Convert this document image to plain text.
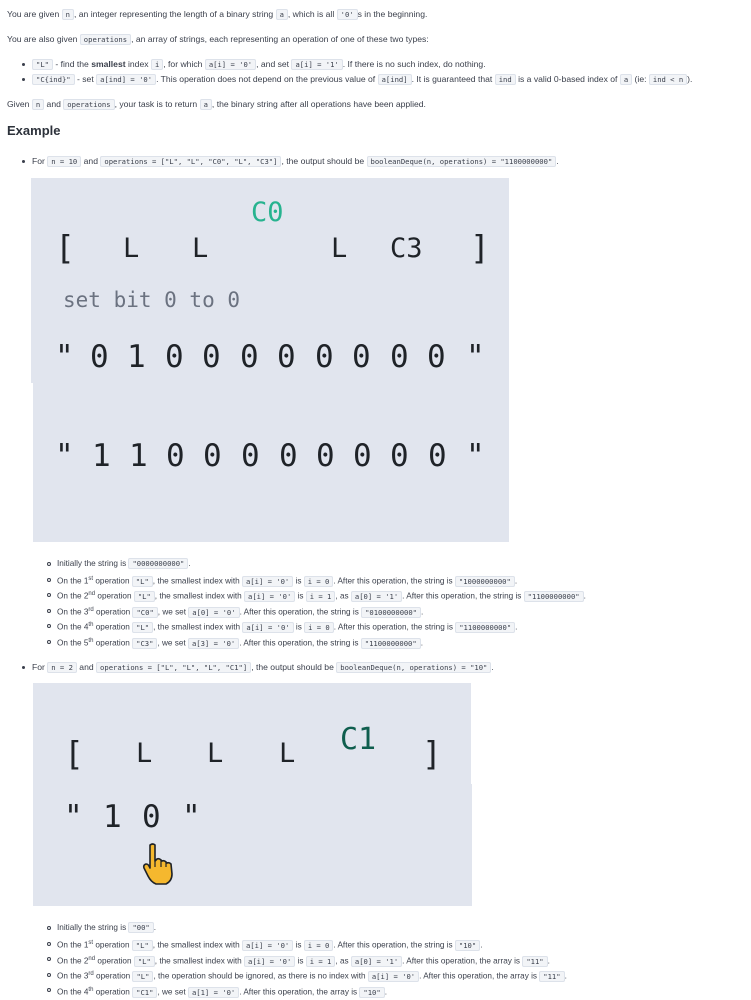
You are given n , an integer representing the length of a binary string a , which is all '0' s in the beginning.
You are also given operations , an array of strings, each representing an operation of one of these two types:
"L" - find the smallest index i , for which a[i] = '0' , and set a[i] = '1' . If there is no such index, do nothing.
"C{ind}" - set a[ind] = '0' . This operation does not depend on the previous value of a[ind] . It is guaranteed that ind is a valid 0-based index of a (ie: ind < n ).
Given n and operations , your task is to return a , the binary string after all operations have been applied.
Example
For n = 10 and operations = ["L", "L", "C0", "L", "C3"] , the output should be booleanDeque(n, operations) = "1100000000" .
[ L L
C0
L C3 ]
set bit 0 to 0
" 0 1 0 0 0 0 0 0 0 0 "
" 1 1 0 0 0 0 0 0 0 0 "
Initially the string is "0000000000" .
On the 1st operation "L" , the smallest index with a[i] = '0' is i = 0 . After this operation, the string is "1000000000" .
On the 2nd operation "L" , the smallest index with a[i] = '0' is i = 1 , as a[0] = '1' . After this operation, the string is "1100000000" .
On the 3rd operation "C0" , we set a[0] = '0' . After this operation, the string is "0100000000" .
On the 4th operation "L" , the smallest index with a[i] = '0' is i = 0 . After this operation, the string is "1100000000" .
On the 5th operation "C3" , we set a[3] = '0' . After this operation, the string is "1100000000" .
For n = 2 and operations = ["L", "L", "L", "C1"] , the output should be booleanDeque(n, operations) = "10" .
[ L L L C1 ]
" 1 0 "
Initially the string is "00" .
On the 1st operation "L" , the smallest index with a[i] = '0' is i = 0 . After this operation, the string is "10" .
On the 2nd operation "L" , the smallest index with a[i] = '0' is i = 1 , as a[0] = '1' . After this operation, the array is "11" .
On the 3rd operation "L" , the operation should be ignored, as there is no index with a[i] = '0' . After this operation, the array is "11" .
On the 4th operation "C1" , we set a[1] = '0' . After this operation, the array is "10" .
